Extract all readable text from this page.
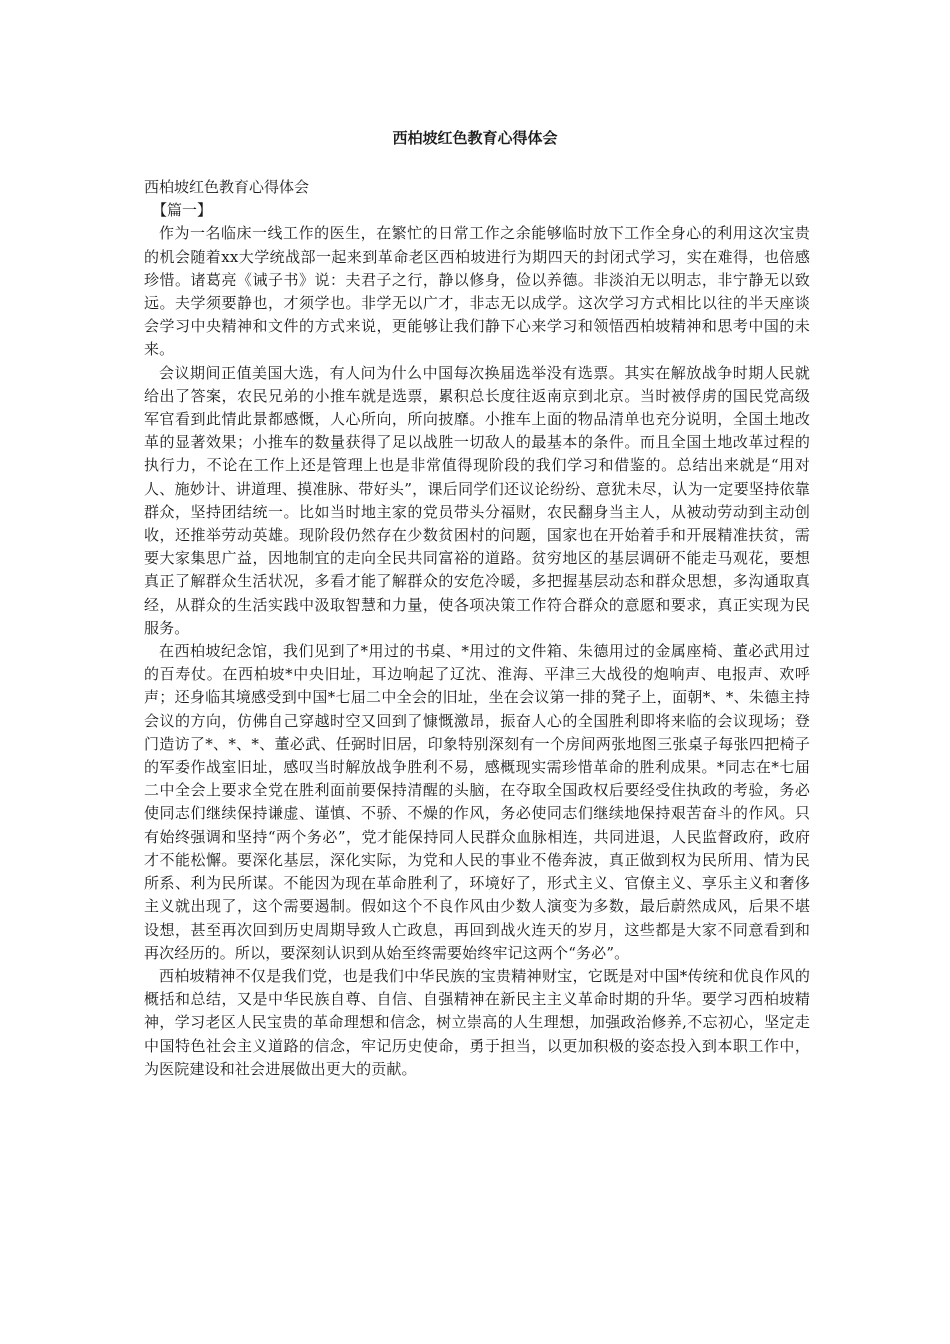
西柏坡红色教育心得体会

西柏坡红色教育心得体会

【篇一】

作为一名临床一线工作的医生，在繁忙的日常工作之余能够临时放下工作全身心的利用这次宝贵的机会随着xx大学统战部一起来到革命老区西柏坡进行为期四天的封闭式学习，实在难得，也倍感珍惜。诸葛亮《诫子书》说：夫君子之行，静以修身，俭以养德。非淡泊无以明志，非宁静无以致远。夫学须要静也，才须学也。非学无以广才，非志无以成学。这次学习方式相比以往的半天座谈会学习中央精神和文件的方式来说，更能够让我们静下心来学习和领悟西柏坡精神和思考中国的未来。

会议期间正值美国大选，有人问为什么中国每次换届选举没有选票。其实在解放战争时期人民就给出了答案，农民兄弟的小推车就是选票，累积总长度往返南京到北京。当时被俘虏的国民党高级军官看到此情此景都感慨，人心所向，所向披靡。小推车上面的物品清单也充分说明，全国土地改革的显著效果；小推车的数量获得了足以战胜一切敌人的最基本的条件。而且全国土地改革过程的执行力，不论在工作上还是管理上也是非常值得现阶段的我们学习和借鉴的。总结出来就是“用对人、施妙计、讲道理、摸准脉、带好头”，课后同学们还议论纷纷、意犹未尽，认为一定要坚持依靠群众，坚持团结统一。比如当时地主家的党员带头分福财，农民翻身当主人，从被动劳动到主动创收，还推举劳动英雄。现阶段仍然存在少数贫困村的问题，国家也在开始着手和开展精准扶贫，需要大家集思广益，因地制宜的走向全民共同富裕的道路。贫穷地区的基层调研不能走马观花，要想真正了解群众生活状况，多看才能了解群众的安危冷暖，多把握基层动态和群众思想，多沟通取真经，从群众的生活实践中汲取智慧和力量，使各项决策工作符合群众的意愿和要求，真正实现为民服务。

在西柏坡纪念馆，我们见到了*用过的书桌、*用过的文件箱、朱德用过的金属座椅、董必武用过的百寿仗。在西柏坡*中央旧址，耳边响起了辽沈、淮海、平津三大战役的炮响声、电报声、欢呼声；还身临其境感受到中国*七届二中全会的旧址，坐在会议第一排的凳子上，面朝*、*、朱德主持会议的方向，仿佛自己穿越时空又回到了慷慨激昂，振奋人心的全国胜利即将来临的会议现场；登门造访了*、*、*、董必武、任弼时旧居，印象特别深刻有一个房间两张地图三张桌子每张四把椅子的军委作战室旧址，感叹当时解放战争胜利不易，感概现实需珍惜革命的胜利成果。*同志在*七届二中全会上要求全党在胜利面前要保持清醒的头脑，在夺取全国政权后要经受住执政的考验，务必使同志们继续保持谦虚、谨慎、不骄、不燥的作风，务必使同志们继续地保持艰苦奋斗的作风。只有始终强调和坚持“两个务必”，党才能保持同人民群众血脉相连，共同进退，人民监督政府，政府才不能松懈。要深化基层，深化实际，为党和人民的事业不倦奔波，真正做到权为民所用、情为民所系、利为民所谋。不能因为现在革命胜利了，环境好了，形式主义、官僚主义、享乐主义和奢侈主义就出现了，这个需要遏制。假如这个不良作风由少数人演变为多数，最后蔚然成风，后果不堪设想，甚至再次回到历史周期导致人亡政息，再回到战火连天的岁月，这些都是大家不同意看到和再次经历的。所以，要深刻认识到从始至终需要始终牢记这两个“务必”。

西柏坡精神不仅是我们党，也是我们中华民族的宝贵精神财宝，它既是对中国*传统和优良作风的概括和总结，又是中华民族自尊、自信、自强精神在新民主主义革命时期的升华。要学习西柏坡精神，学习老区人民宝贵的革命理想和信念，树立崇高的人生理想，加强政治修养,不忘初心，坚定走中国特色社会主义道路的信念，牢记历史使命，勇于担当，以更加积极的姿态投入到本职工作中，为医院建设和社会进展做出更大的贡献。
